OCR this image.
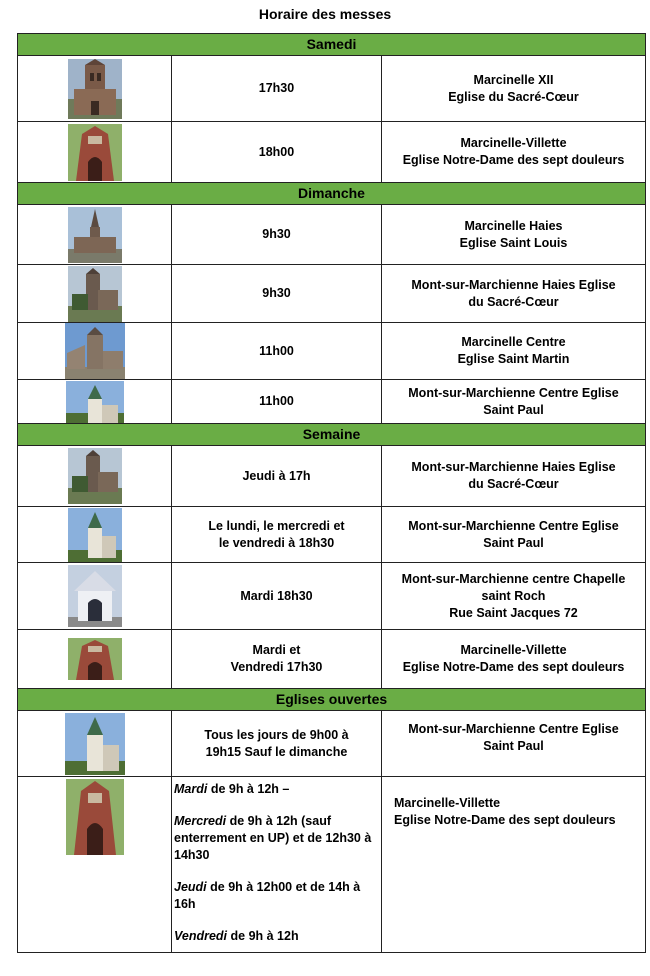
Horaire des messes
Samedi		

	17h30	Marcinelle XII
Eglise du Sacré-Cœur

	18h00	Marcinelle-Villette
Eglise Notre-Dame des sept douleurs

Dimanche		

	9h30	Marcinelle Haies
Eglise Saint Louis

	9h30	Mont-sur-Marchienne Haies Eglise
du Sacré-Cœur

	11h00	Marcinelle Centre
Eglise Saint Martin

	11h00	Mont-sur-Marchienne Centre Eglise
Saint Paul

Semaine		

Jeudi à 17h	Mont-sur-Marchienne Haies Eglise
du Sacré-Cœur

Le lundi, le mercredi et
le vendredi à 18h30	Mont-sur-Marchienne Centre Eglise
Saint Paul

Mardi 18h30	Mont-sur-Marchienne centre Chapelle
saint Roch
Rue Saint Jacques 72

Mardi et
Vendredi 17h30	Marcinelle-Villette
Eglise Notre-Dame des sept douleurs

Eglises ouvertes		

Tous les jours de 9h00 à
19h15 Sauf le dimanche	Mont-sur-Marchienne Centre Eglise
Saint Paul

Mardi de 9h à 12h –
Mercredi de 9h à 12h (sauf enterrement en UP) et de 12h30 à 14h30
Jeudi de 9h à 12h00 et de 14h à 16h
Vendredi de 9h à 12h	Marcinelle-Villette
Eglise Notre-Dame des sept douleurs
